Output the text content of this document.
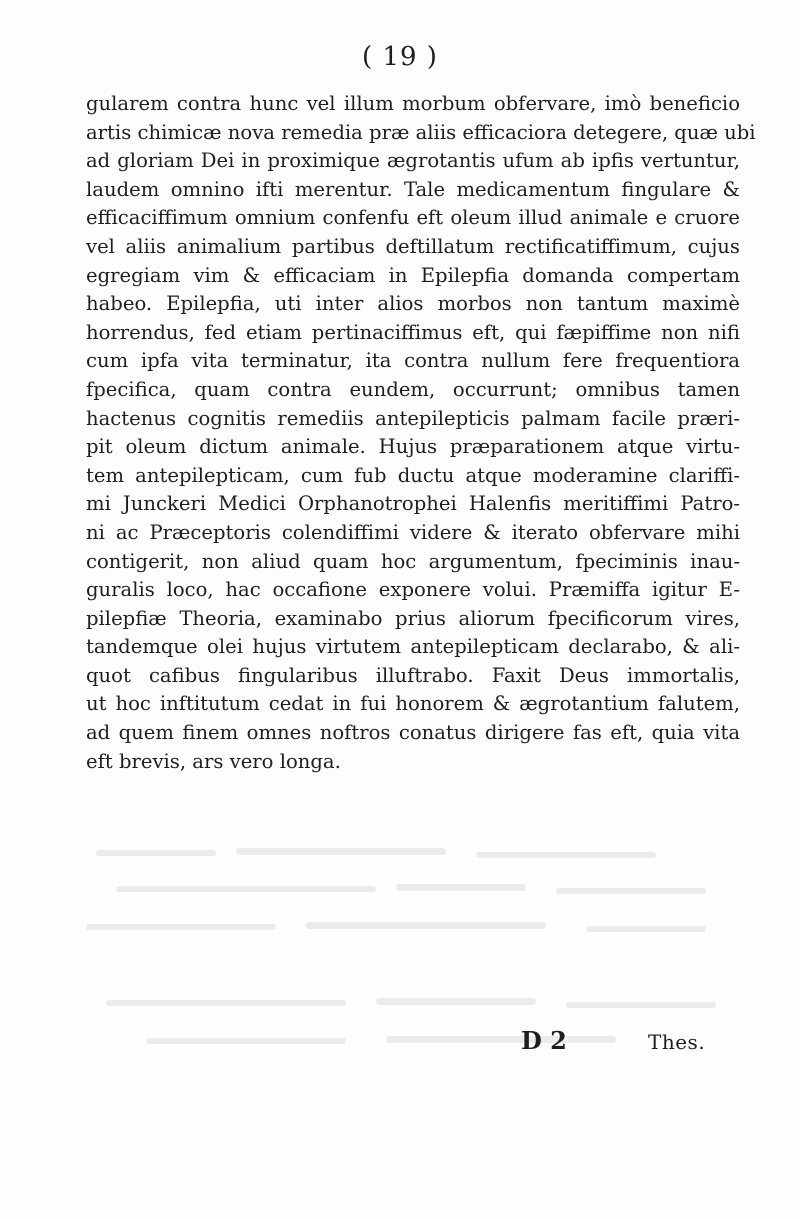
( 19 )
gularem contra hunc vel illum morbum obfervare, imò beneficio
artis chimicæ nova remedia præ aliis efficaciora detegere, quæ ubi
ad gloriam Dei in proximique ægrotantis ufum ab ipfis vertuntur,
laudem omnino ifti merentur. Tale medicamentum fingulare &
efficaciffimum omnium confenfu eft oleum illud animale e cruore
vel aliis animalium partibus deftillatum rectificatiffimum, cujus
egregiam vim & efficaciam in Epilepfia domanda compertam
habeo. Epilepfia, uti inter alios morbos non tantum maximè
horrendus, fed etiam pertinaciffimus eft, qui fæpiffime non nifi
cum ipfa vita terminatur, ita contra nullum fere frequentiora
fpecifica, quam contra eundem, occurrunt; omnibus tamen
hactenus cognitis remediis antepilepticis palmam facile præri-
pit oleum dictum animale. Hujus præparationem atque virtu-
tem antepilepticam, cum fub ductu atque moderamine clariffi-
mi Junckeri Medici Orphanotrophei Halenfis meritiffimi Patro-
ni ac Præceptoris colendiffimi videre & iterato obfervare mihi
contigerit, non aliud quam hoc argumentum, fpeciminis inau-
guralis loco, hac occafione exponere volui. Præmiffa igitur E-
pilepfiæ Theoria, examinabo prius aliorum fpecificorum vires,
tandemque olei hujus virtutem antepilepticam declarabo, & ali-
quot cafibus fingularibus illuftrabo. Faxit Deus immortalis,
ut hoc inftitutum cedat in fui honorem & ægrotantium falutem,
ad quem finem omnes noftros conatus dirigere fas eft, quia vita
eft brevis, ars vero longa.
D 2	Thes.
